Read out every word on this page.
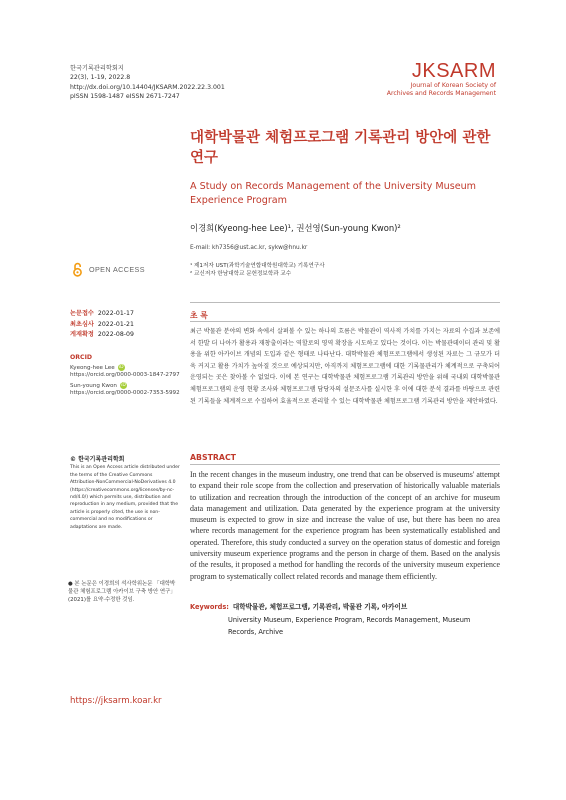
한국기록관리학회지
22(3), 1-19, 2022.8
http://dx.doi.org/10.14404/JKSARM.2022.22.3.001
pISSN 1598-1487 eISSN 2671-7247
JKSARM
Journal of Korean Society of
Archives and Records Management
대학박물관 체험프로그램 기록관리 방안에 관한
연구
A Study on Records Management of the University Museum
Experience Program
이경희(Kyeong-hee Lee)¹, 권선영(Sun-young Kwon)²
E-mail: kh7356@ust.ac.kr, sykw@hnu.kr
¹ 제1저자 UST(과학기술연합대학원대학교) 기록연구사
² 교신저자 한남대학교 문헌정보학과 교수
OPEN ACCESS
논문접수 2022-01-17
최초심사 2022-01-21
게재확정 2022-08-09
ORCID
Kyeong-hee Lee iD
https://orcid.org/0000-0003-1847-2797
Sun-young Kwon iD
https://orcid.org/0000-0002-7353-5992
© 한국기록관리학회
This is an Open Access article distributed under the terms of the Creative Commons Attribution-NonCommercial-NoDerivatives 4.0 (https://creativecommons.org/licenses/by-nc-nd/4.0/) which permits use, distribution and reproduction in any medium, provided that the article is properly cited, the use is non-commercial and no modifications or adaptations are made.
● 본 논문은 이경희의 석사학위논문 「대학박물관 체험프로그램 아카이브 구축 방안 연구」(2021)를 요약·수정한 것임.
https://jksarm.koar.kr
초 록
최근 박물관 분야의 변화 속에서 살펴볼 수 있는 하나의 흐름은 박물관이 역사적 가치를 가지는 자료의 수집과 보존에서 한발 더 나아가 활용과 재창출이라는 역할로의 영역 확장을 시도하고 있다는 것이다. 이는 박물관데이터 관리 및 활용을 위한 아카이브 개념의 도입과 같은 형태로 나타난다. 대학박물관 체험프로그램에서 생성된 자료는 그 규모가 더욱 커지고 활용 가치가 높아질 것으로 예상되지만, 아직까지 체험프로그램에 대한 기록물관리가 체계적으로 구축되어 운영되는 곳은 찾아볼 수 없었다. 이에 본 연구는 대학박물관 체험프로그램 기록관리 방안을 위해 국내외 대학박물관 체험프로그램의 운영 현황 조사와 체험프로그램 담당자의 설문조사를 실시한 후 이에 대한 분석 결과를 바탕으로 관련된 기록들을 체계적으로 수집하여 효율적으로 관리할 수 있는 대학박물관 체험프로그램 기록관리 방안을 제안하였다.
ABSTRACT
In the recent changes in the museum industry, one trend that can be observed is museums' attempt to expand their role scope from the collection and preservation of historically valuable materials to utilization and recreation through the introduction of the concept of an archive for museum data management and utilization. Data generated by the experience program at the university museum is expected to grow in size and increase the value of use, but there has been no area where records management for the experience program has been systematically established and operated. Therefore, this study conducted a survey on the operation status of domestic and foreign university museum experience programs and the person in charge of them. Based on the analysis of the results, it proposed a method for handling the records of the university museum experience program to systematically collect related records and manage them efficiently.
Keywords: 대학박물관, 체험프로그램, 기록관리, 박물관 기록, 아카이브
University Museum, Experience Program, Records Management, Museum Records, Archive
